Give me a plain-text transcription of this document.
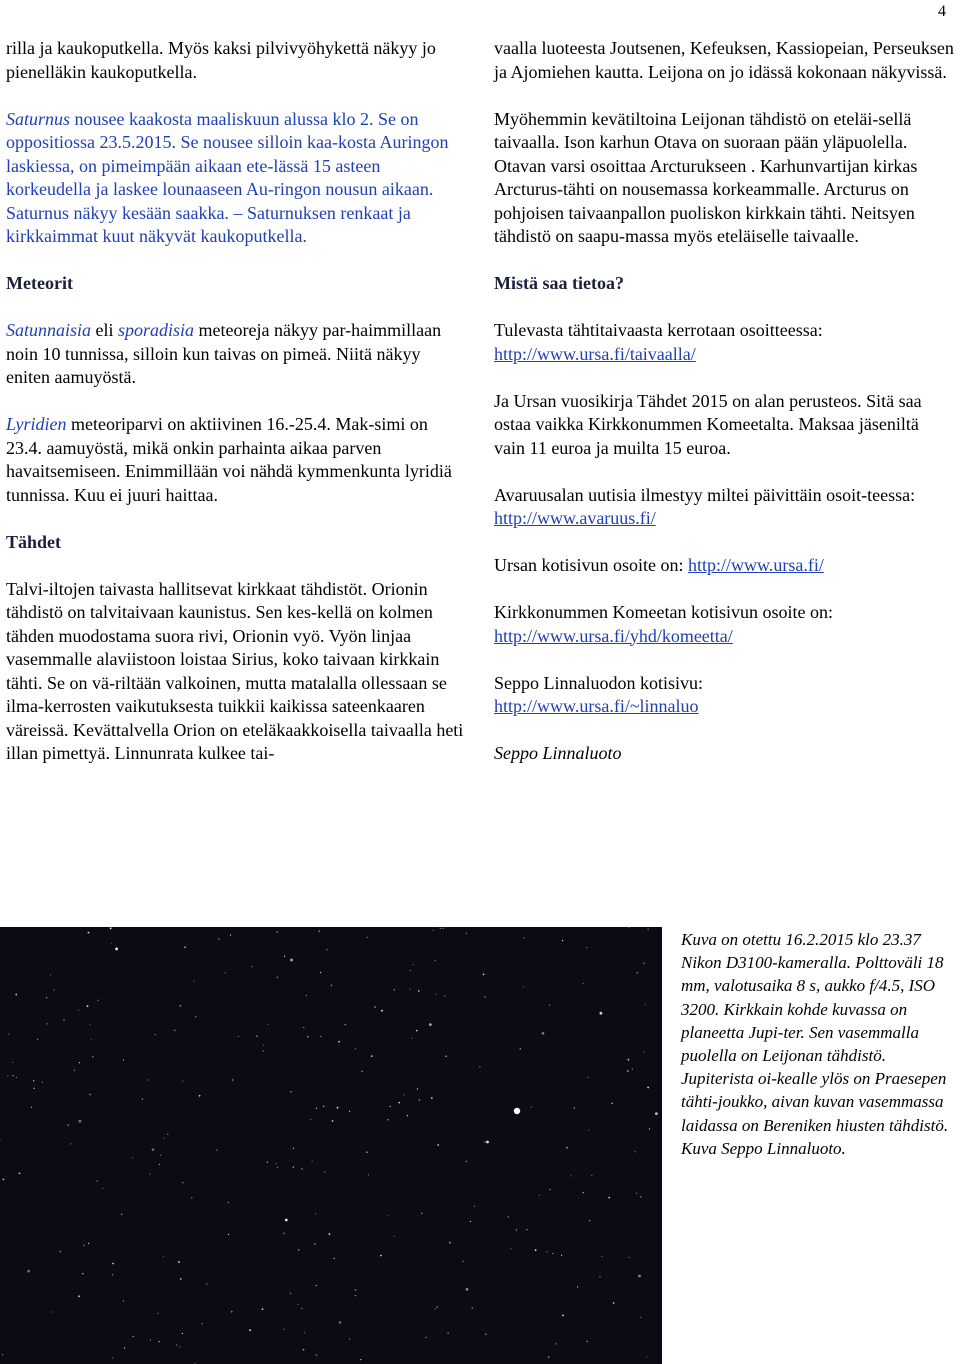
4

rilla ja kaukoputkella. Myös kaksi pilvivyöhykettä näkyy jo pienelläkin kaukoputkella.

Saturnus nousee kaakosta maaliskuun alussa klo 2. Se on oppositiossa 23.5.2015. Se nousee silloin kaa-kosta Auringon laskiessa, on pimeimpään aikaan ete-lässä 15 asteen korkeudella ja laskee lounaaseen Au-ringon nousun aikaan. Saturnus näkyy kesään saakka. – Saturnuksen renkaat ja kirkkaimmat kuut näkyvät kaukoputkella.

Meteorit

Satunnaisia eli sporadisia meteoreja näkyy par-haimmillaan noin 10 tunnissa, silloin kun taivas on pimeä. Niitä näkyy eniten aamuyöstä.

Lyridien meteoriparvi on aktiivinen 16.-25.4. Mak-simi on 23.4. aamuyöstä, mikä onkin parhainta aikaa parven havaitsemiseen. Enimmillään voi nähdä kymmenkunta lyridiä tunnissa. Kuu ei juuri haittaa.

Tähdet

Talvi-iltojen taivasta hallitsevat kirkkaat tähdistöt. Orionin tähdistö on talvitaivaan kaunistus. Sen kes-kellä on kolmen tähden muodostama suora rivi, Orionin vyö. Vyön linjaa vasemmalle alaviistoon loistaa Sirius, koko taivaan kirkkain tähti. Se on vä-riltään valkoinen, mutta matalalla ollessaan se ilma-kerrosten vaikutuksesta tuikkii kaikissa sateenkaaren väreissä. Kevättalvella Orion on eteläkaakkoisella taivaalla heti illan pimettyä. Linnunrata kulkee tai-

vaalla luoteesta Joutsenen, Kefeuksen, Kassiopeian, Perseuksen ja Ajomiehen kautta. Leijona on jo idässä kokonaan näkyvissä.

Myöhemmin kevätiltoina Leijonan tähdistö on eteläi-sellä taivaalla. Ison karhun Otava on suoraan pään yläpuolella. Otavan varsi osoittaa Arcturukseen . Karhunvartijan kirkas Arcturus-tähti on nousemassa korkeammalle. Arcturus on pohjoisen taivaanpallon puoliskon kirkkain tähti. Neitsyen tähdistö on saapu-massa myös eteläiselle taivaalle.

Mistä saa tietoa?

Tulevasta tähtitaivaasta kerrotaan osoitteessa:
http://www.ursa.fi/taivaalla/

Ja Ursan vuosikirja Tähdet 2015 on alan perusteos. Sitä saa ostaa vaikka Kirkkonummen Komeetalta. Maksaa jäseniltä vain 11 euroa ja muilta 15 euroa.

Avaruusalan uutisia ilmestyy miltei päivittäin osoit-teessa: http://www.avaruus.fi/

Ursan kotisivun osoite on: http://www.ursa.fi/

Kirkkonummen Komeetan kotisivun osoite on:
http://www.ursa.fi/yhd/komeetta/

Seppo Linnaluodon kotisivu:
http://www.ursa.fi/~linnaluo

Seppo Linnaluoto

Kuva on otettu 16.2.2015 klo 23.37 Nikon D3100-kameralla. Polttoväli 18 mm, valotusaika 8 s, aukko f/4.5, ISO 3200. Kirkkain kohde kuvassa on planeetta Jupi-ter. Sen vasemmalla puolella on Leijonan tähdistö. Jupiterista oi-kealle ylös on Praesepen tähti-joukko, aivan kuvan vasemmassa laidassa on Bereniken hiusten tähdistö. Kuva Seppo Linnaluoto.
